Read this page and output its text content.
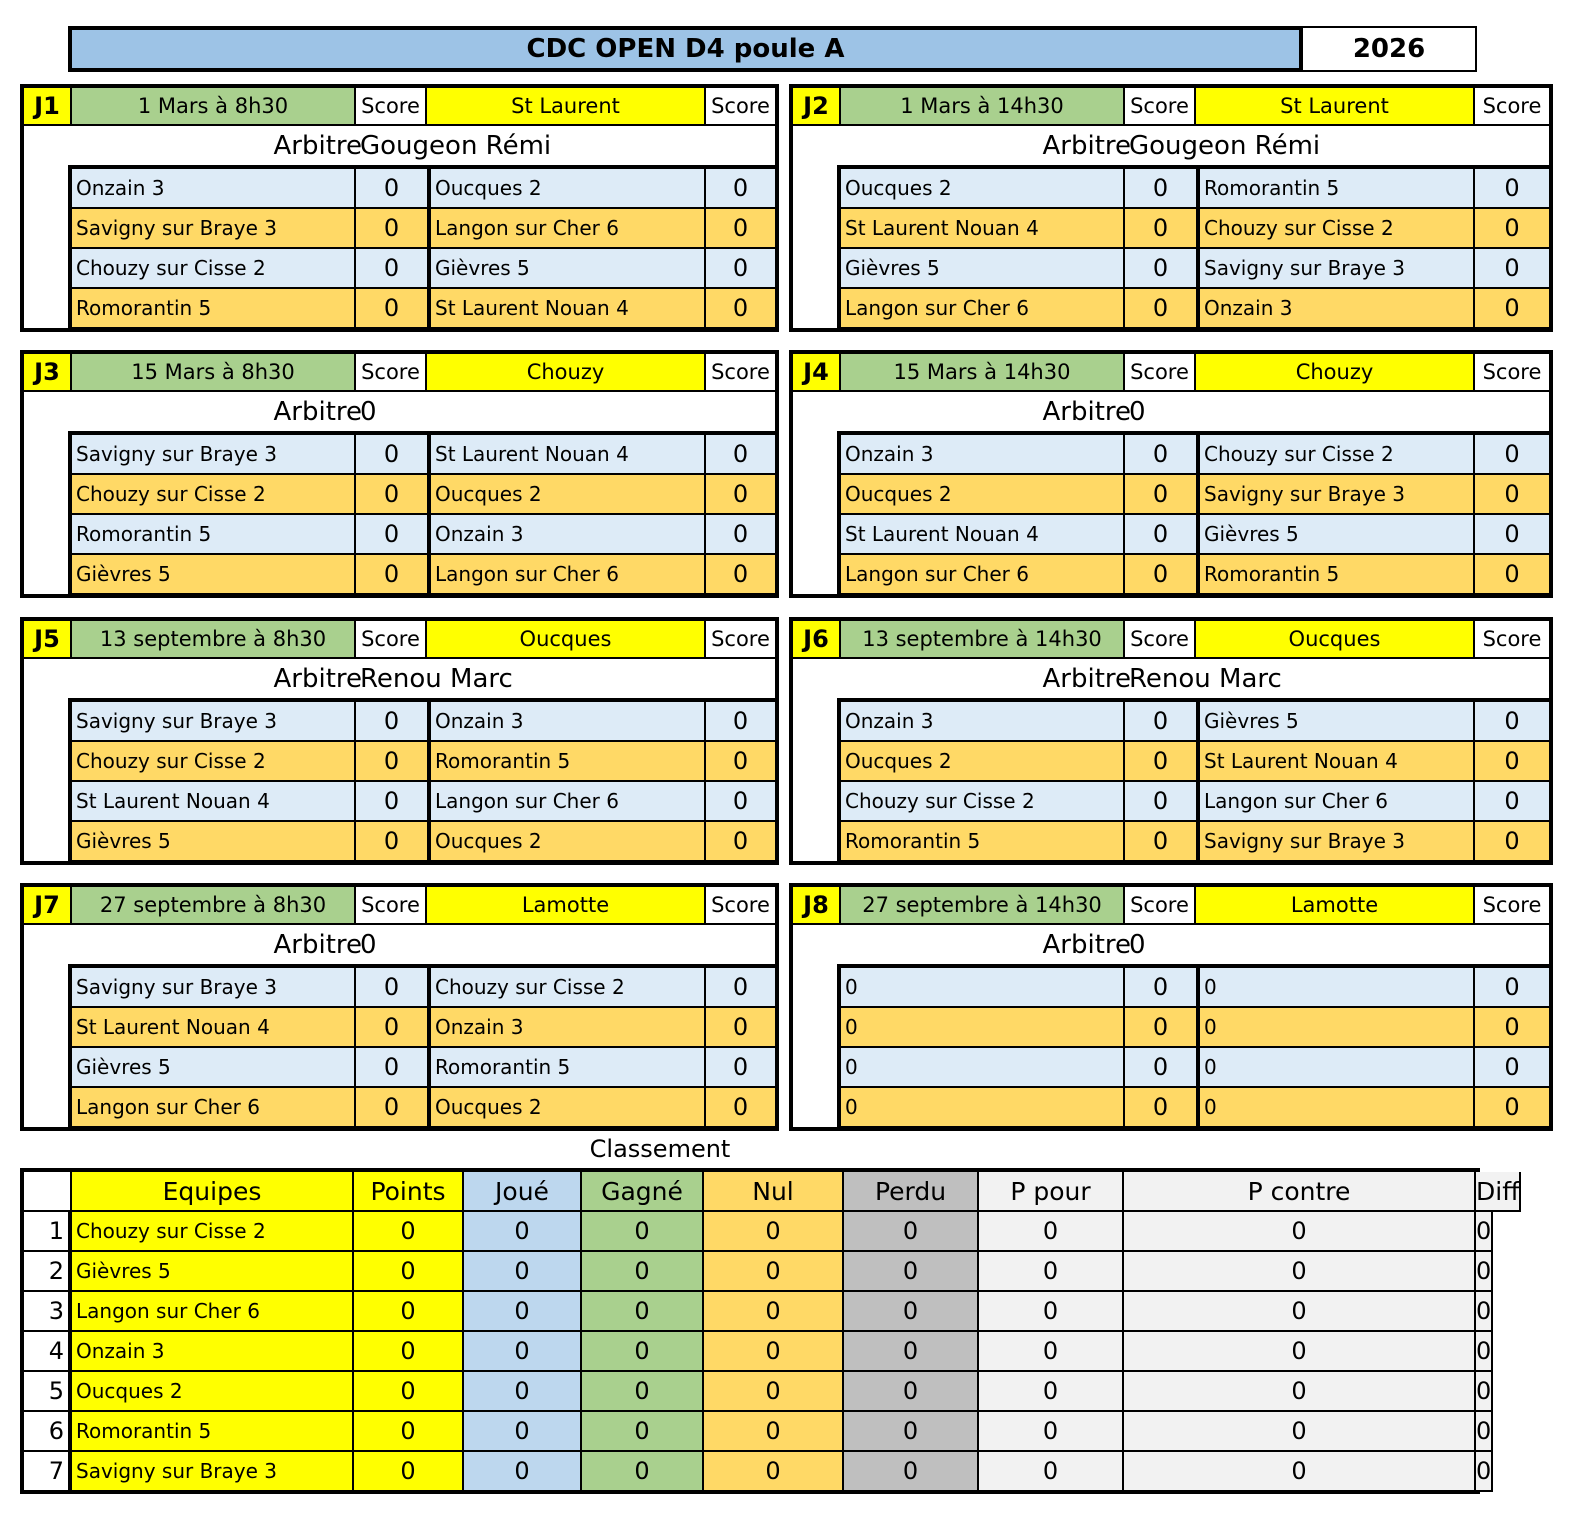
CDC OPEN D4 poule A	2026
J1	1 Mars à 8h30	Score	St Laurent	Score
Arbitre
Gougeon Rémi
Onzain 3	0	Oucques 2	0
Savigny sur Braye 3	0	Langon sur Cher 6	0
Chouzy sur Cisse 2	0	Gièvres 5	0
Romorantin 5	0	St Laurent Nouan 4	0
J2	1 Mars à 14h30	Score	St Laurent	Score
Arbitre
Gougeon Rémi
Oucques 2	0	Romorantin 5	0
St Laurent Nouan 4	0	Chouzy sur Cisse 2	0
Gièvres 5	0	Savigny sur Braye 3	0
Langon sur Cher 6	0	Onzain 3	0
J3	15 Mars à 8h30	Score	Chouzy	Score
Arbitre
0
Savigny sur Braye 3	0	St Laurent Nouan 4	0
Chouzy sur Cisse 2	0	Oucques 2	0
Romorantin 5	0	Onzain 3	0
Gièvres 5	0	Langon sur Cher 6	0
J4	15 Mars à 14h30	Score	Chouzy	Score
Arbitre
0
Onzain 3	0	Chouzy sur Cisse 2	0
Oucques 2	0	Savigny sur Braye 3	0
St Laurent Nouan 4	0	Gièvres 5	0
Langon sur Cher 6	0	Romorantin 5	0
J5	13 septembre à 8h30	Score	Oucques	Score
Arbitre
Renou Marc
Savigny sur Braye 3	0	Onzain 3	0
Chouzy sur Cisse 2	0	Romorantin 5	0
St Laurent Nouan 4	0	Langon sur Cher 6	0
Gièvres 5	0	Oucques 2	0
J6	13 septembre à 14h30	Score	Oucques	Score
Arbitre
Renou Marc
Onzain 3	0	Gièvres 5	0
Oucques 2	0	St Laurent Nouan 4	0
Chouzy sur Cisse 2	0	Langon sur Cher 6	0
Romorantin 5	0	Savigny sur Braye 3	0
J7	27 septembre à 8h30	Score	Lamotte	Score
Arbitre
0
Savigny sur Braye 3	0	Chouzy sur Cisse 2	0
St Laurent Nouan 4	0	Onzain 3	0
Gièvres 5	0	Romorantin 5	0
Langon sur Cher 6	0	Oucques 2	0
J8	27 septembre à 14h30	Score	Lamotte	Score
Arbitre
0
0	0	0	0
0	0	0	0
0	0	0	0
0	0	0	0
Classement
Equipes	Points	Joué	Gagné	Nul	Perdu	P pour	P contre	Diff
1 Chouzy sur Cisse 2	0	0	0	0	0	0	0	0
2 Gièvres 5	0	0	0	0	0	0	0	0
3 Langon sur Cher 6	0	0	0	0	0	0	0	0
4 Onzain 3	0	0	0	0	0	0	0	0
5 Oucques 2	0	0	0	0	0	0	0	0
6 Romorantin 5	0	0	0	0	0	0	0	0
7 Savigny sur Braye 3	0	0	0	0	0	0	0	0
